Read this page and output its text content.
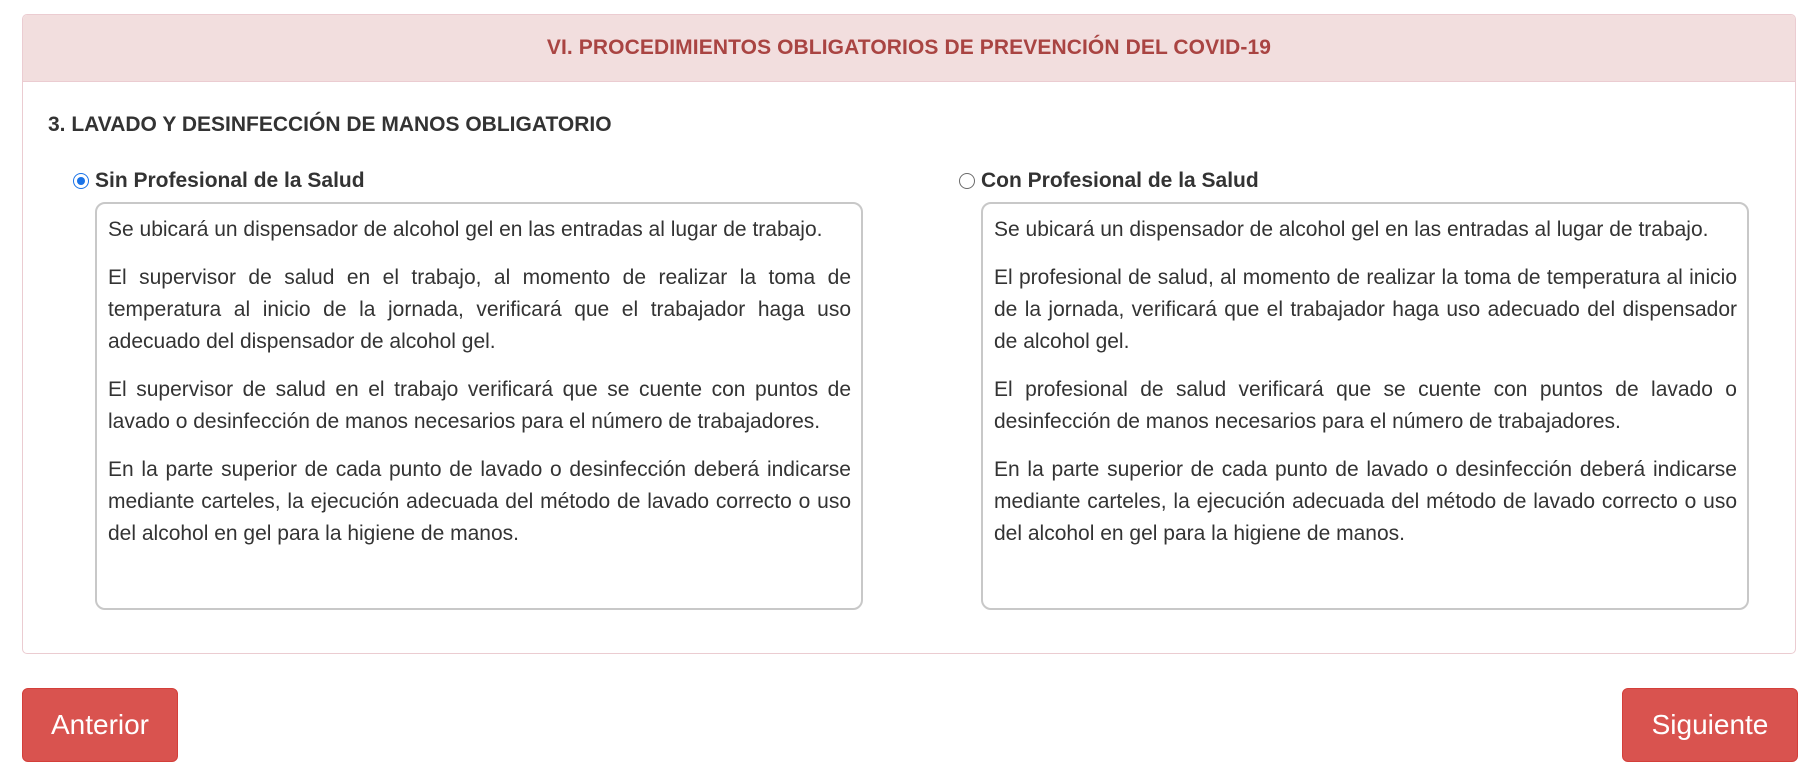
VI. PROCEDIMIENTOS OBLIGATORIOS DE PREVENCIÓN DEL COVID-19
3. LAVADO Y DESINFECCIÓN DE MANOS OBLIGATORIO
Sin Profesional de la Salud

Se ubicará un dispensador de alcohol gel en las entradas al lugar de trabajo.

El supervisor de salud en el trabajo, al momento de realizar la toma de temperatura al inicio de la jornada, verificará que el trabajador haga uso adecuado del dispensador de alcohol gel.

El supervisor de salud en el trabajo verificará que se cuente con puntos de lavado o desinfección de manos necesarios para el número de trabajadores.

En la parte superior de cada punto de lavado o desinfección deberá indicarse mediante carteles, la ejecución adecuada del método de lavado correcto o uso del alcohol en gel para la higiene de manos.

Con Profesional de la Salud

Se ubicará un dispensador de alcohol gel en las entradas al lugar de trabajo.

El profesional de salud, al momento de realizar la toma de temperatura al inicio de la jornada, verificará que el trabajador haga uso adecuado del dispensador de alcohol gel.

El profesional de salud verificará que se cuente con puntos de lavado o desinfección de manos necesarios para el número de trabajadores.

En la parte superior de cada punto de lavado o desinfección deberá indicarse mediante carteles, la ejecución adecuada del método de lavado correcto o uso del alcohol en gel para la higiene de manos.

Anterior	Siguiente
